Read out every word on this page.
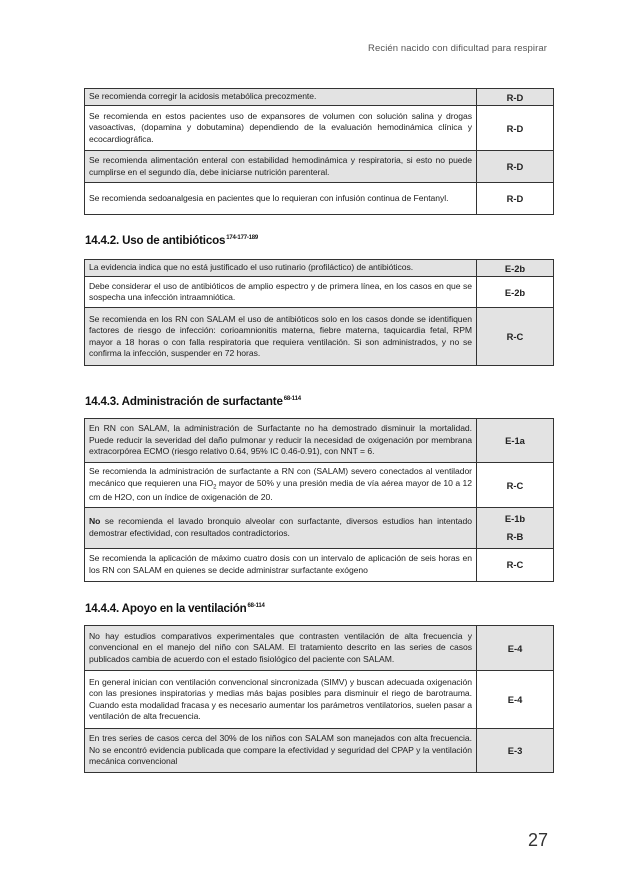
Recién nacido con dificultad para respirar
Se recomienda corregir la acidosis metabólica precozmente.	R-D
Se recomienda en estos pacientes uso de expansores de volumen con solución salina y drogas vasoactivas, (dopamina y dobutamina) dependiendo de la evaluación hemodinámica clínica y ecocardiográfica.	R-D
Se recomienda alimentación enteral con estabilidad hemodinámica y respiratoria, si esto no puede cumplirse en el segundo día, debe iniciarse nutrición parenteral.	R-D
Se recomienda sedoanalgesia en pacientes que lo requieran con infusión continua de Fentanyl.	R-D
14.4.2. Uso de antibióticos$^{174-177-189}$
La evidencia indica que no está justificado el uso rutinario (profiláctico) de antibióticos.	E-2b
Debe considerar el uso de antibióticos de amplio espectro y de primera línea, en los casos en que se sospecha una infección intraamniótica.	E-2b
Se recomienda en los RN con SALAM el uso de antibióticos solo en los casos donde se identifiquen factores de riesgo de infección: corioamnionitis materna, fiebre materna, taquicardia fetal, RPM mayor a 18 horas o con falla respiratoria que requiera ventilación. Si son administrados, y no se confirma la infección, suspender en 72 horas.	R-C
14.4.3. Administración de surfactante$^{68-114}$
En RN con SALAM, la administración de Surfactante no ha demostrado disminuir la mortalidad. Puede reducir la severidad del daño pulmonar y reducir la necesidad de oxigenación por membrana extracorpórea ECMO (riesgo relativo 0.64, 95% IC 0.46-0.91), con NNT = 6.	E-1a
Se recomienda la administración de surfactante a RN con (SALAM) severo conectados al ventilador mecánico que requieren una FiO$_2$ mayor de 50% y una presión media de vía aérea mayor de 10 a 12 cm de H2O, con un índice de oxigenación de 20.	R-C
No se recomienda el lavado bronquio alveolar con surfactante, diversos estudios han intentado demostrar efectividad, con resultados contradictorios.	E-1b
R-B

Se recomienda la aplicación de máximo cuatro dosis con un intervalo de aplicación de seis horas en los RN con SALAM en quienes se decide administrar surfactante exógeno	R-C
14.4.4. Apoyo en la ventilación$^{68-114}$
No hay estudios comparativos experimentales que contrasten ventilación de alta frecuencia y convencional en el manejo del niño con SALAM. El tratamiento descrito en las series de casos publicados cambia de acuerdo con el estado fisiológico del paciente con SALAM.	E-4
En general inician con ventilación convencional sincronizada (SIMV) y buscan adecuada oxigenación con las presiones inspiratorias y medias más bajas posibles para disminuir el riego de barotrauma. Cuando esta modalidad fracasa y es necesario aumentar los parámetros ventilatorios, suelen pasar a ventilación de alta frecuencia.	E-4
En tres series de casos cerca del 30% de los niños con SALAM son manejados con alta frecuencia. No se encontró evidencia publicada que compare la efectividad y seguridad del CPAP y la ventilación mecánica convencional	E-3
27
